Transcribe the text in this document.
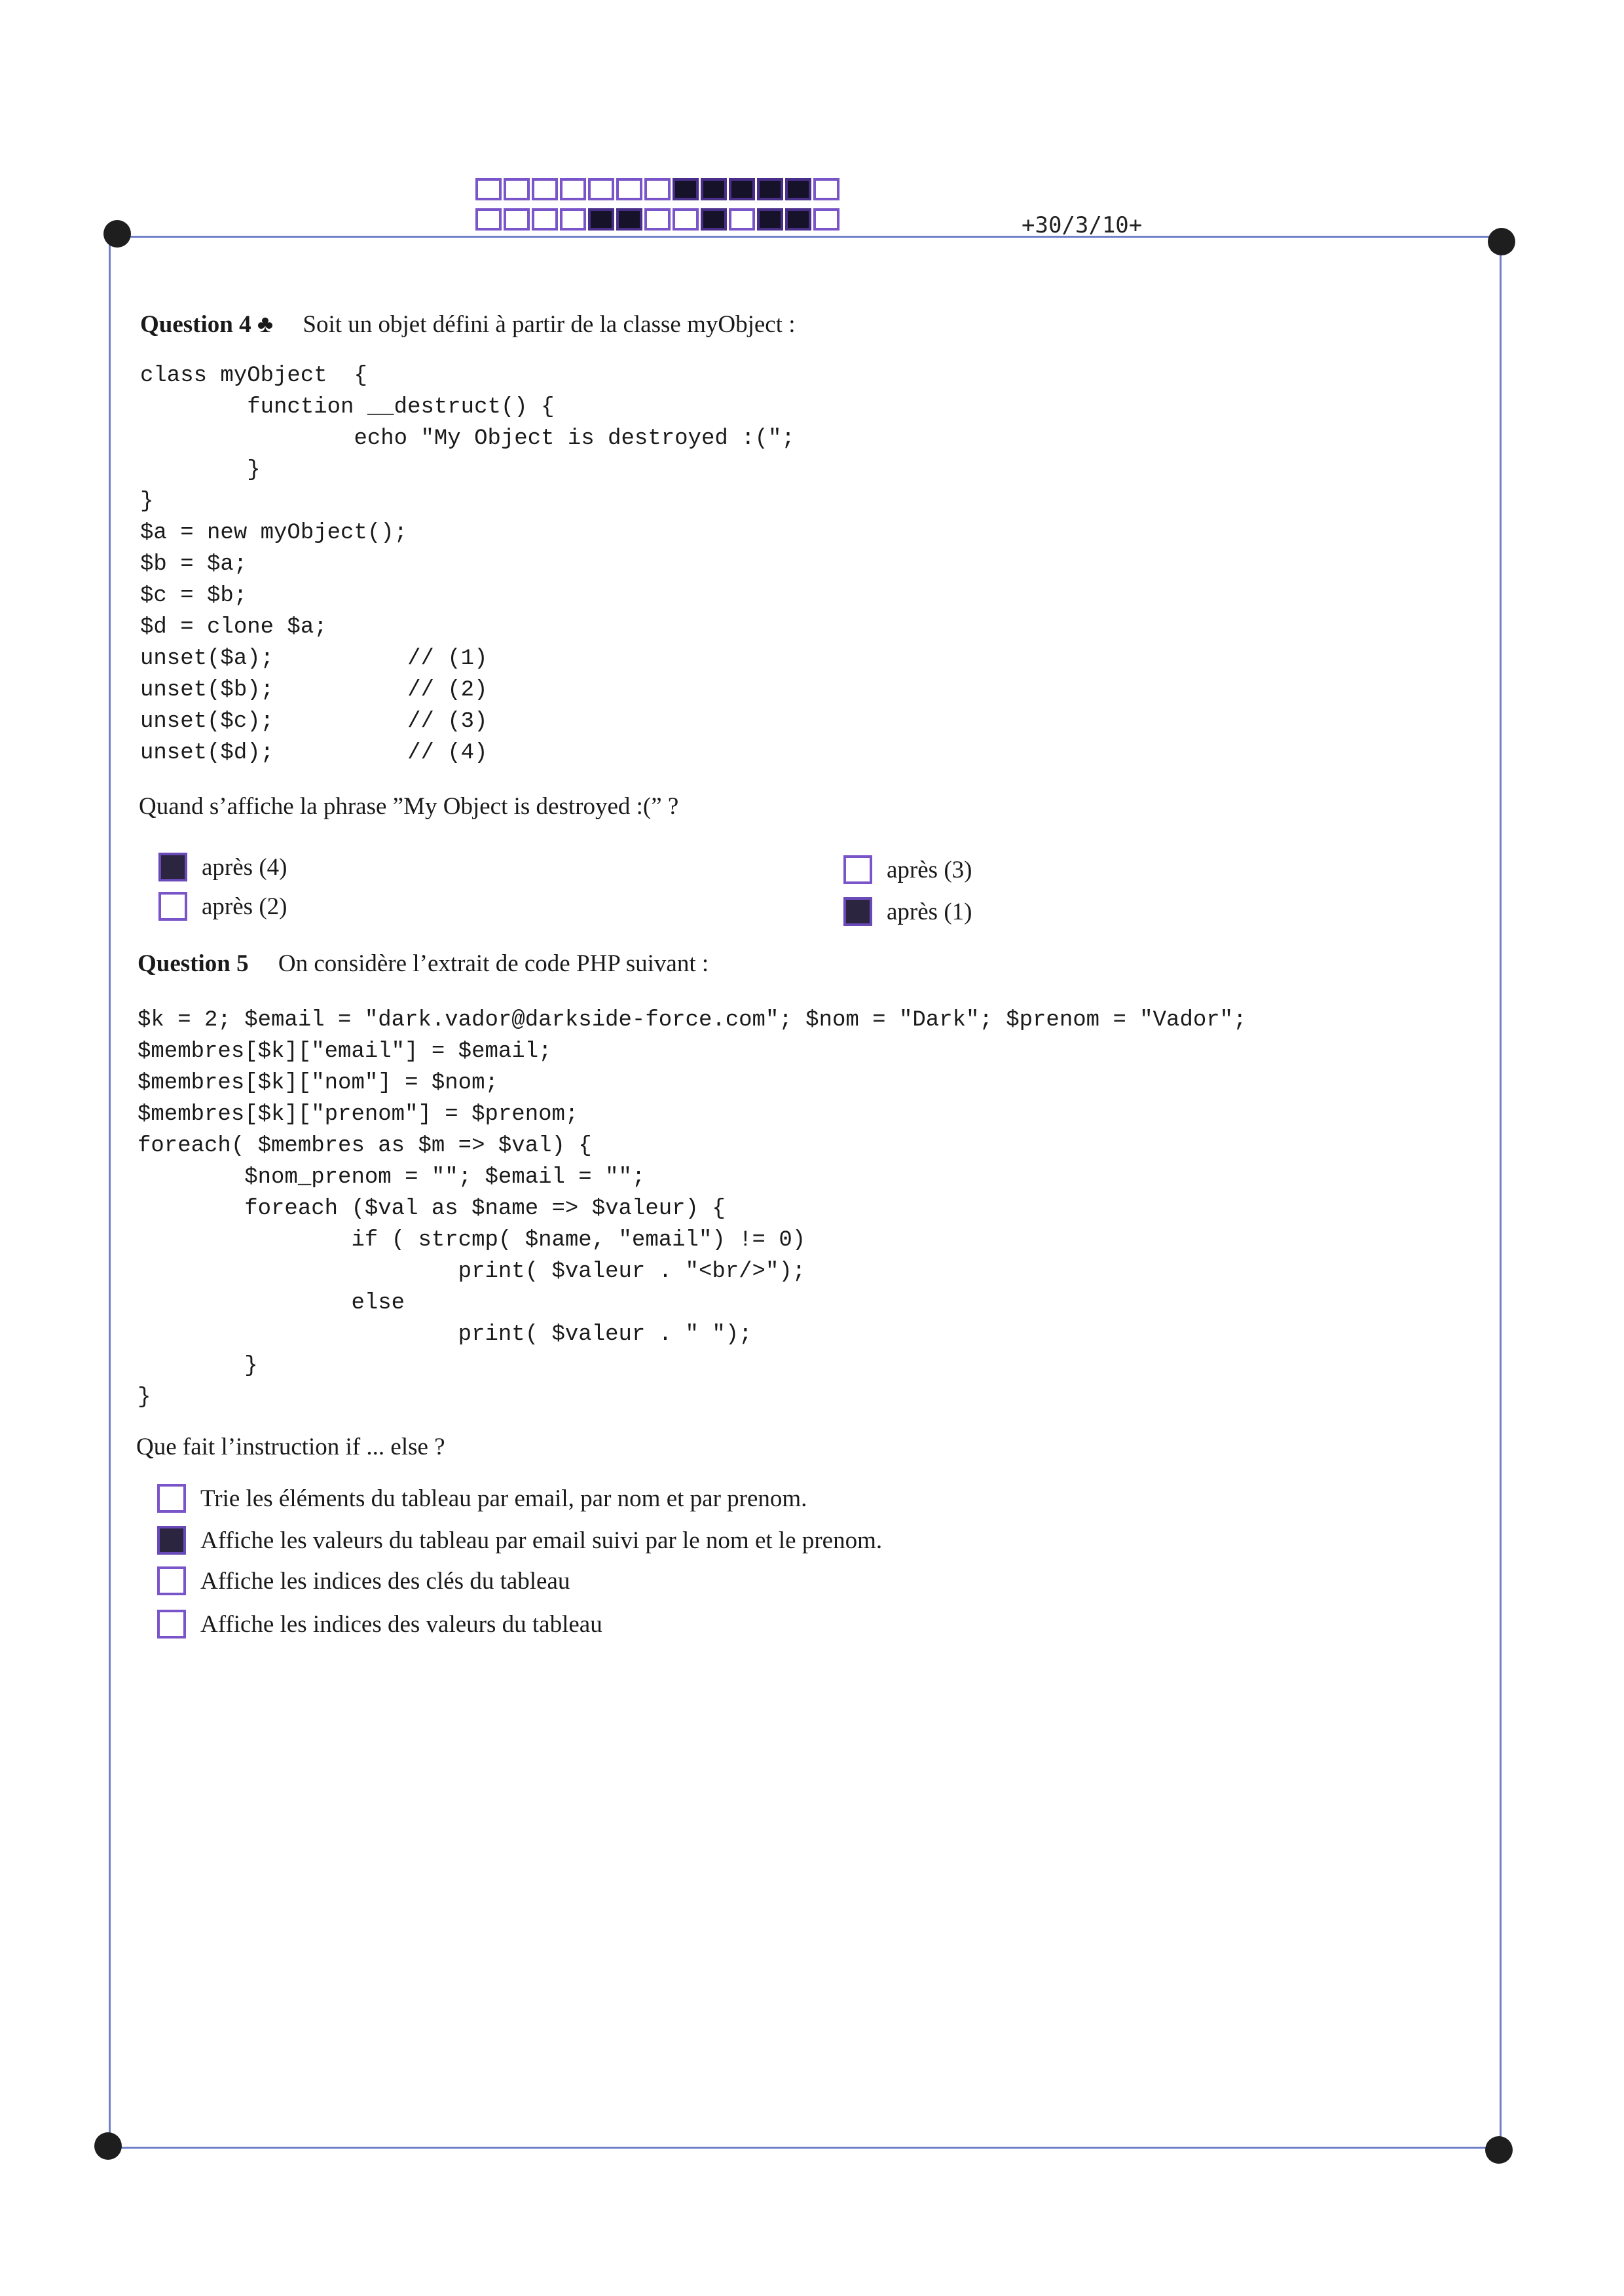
+30/3/10+
Question 4 ♣ Soit un objet défini à partir de la classe myObject :
class myObject  {
function __destruct() {
echo "My Object is destroyed :(";
}
}
$a = new myObject();
$b = $a;
$c = $b;
$d = clone $a;
unset($a);          // (1)
unset($b);          // (2)
unset($c);          // (3)
unset($d);          // (4)
Quand s’affiche la phrase ”My Object is destroyed :(” ?
après (4)
après (2)
après (3)
après (1)
Question 5 On considère l’extrait de code PHP suivant :
$k = 2; $email = "dark.vador@darkside-force.com"; $nom = "Dark"; $prenom = "Vador";
$membres[$k]["email"] = $email;
$membres[$k]["nom"] = $nom;
$membres[$k]["prenom"] = $prenom;
foreach( $membres as $m => $val) {
$nom_prenom = ""; $email = "";
foreach ($val as $name => $valeur) {
if ( strcmp( $name, "email") != 0)
print( $valeur . "<br/>");
else
print( $valeur . " ");
}
}
Que fait l’instruction if ... else ?
Trie les éléments du tableau par email, par nom et par prenom.
Affiche les valeurs du tableau par email suivi par le nom et le prenom.
Affiche les indices des clés du tableau
Affiche les indices des valeurs du tableau
